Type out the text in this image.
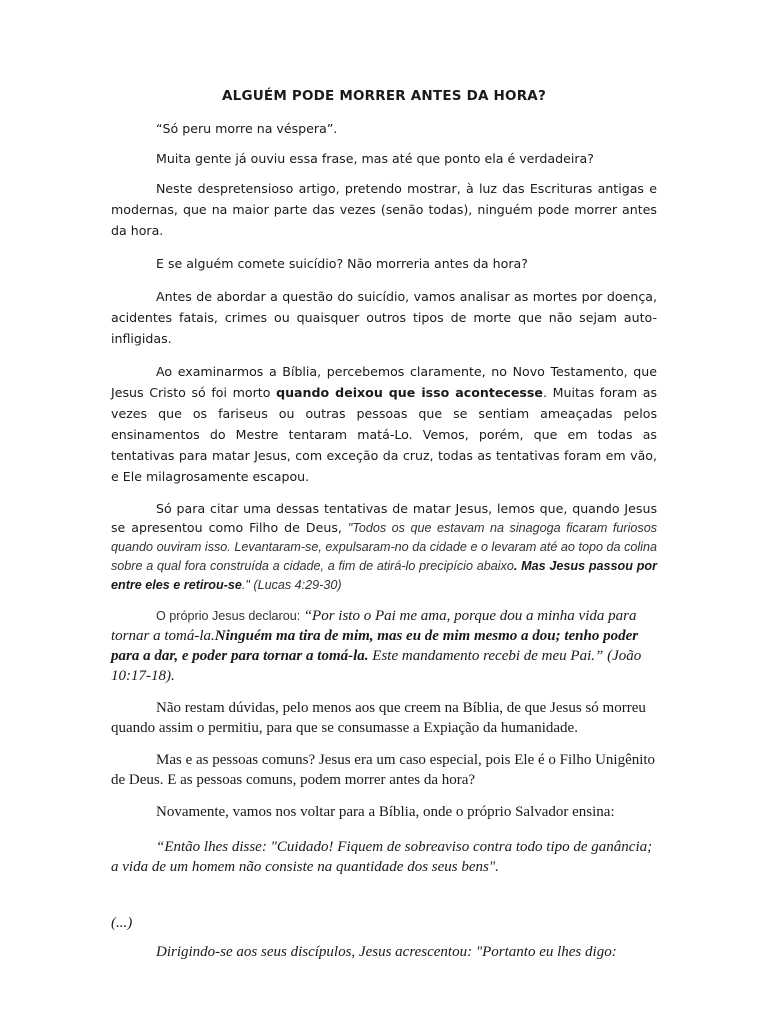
ALGUÉM PODE MORRER ANTES DA HORA?

“Só peru morre na véspera”.

Muita gente já ouviu essa frase, mas até que ponto ela é verdadeira?

Neste despretensioso artigo, pretendo mostrar, à luz das Escrituras antigas e modernas, que na maior parte das vezes (senão todas), ninguém pode morrer antes da hora.

E se alguém comete suicídio? Não morreria antes da hora?

Antes de abordar a questão do suicídio, vamos analisar as mortes por doença, acidentes fatais, crimes ou quaisquer outros tipos de morte que não sejam auto-infligidas.

Ao examinarmos a Bíblia, percebemos claramente, no Novo Testamento, que Jesus Cristo só foi morto quando deixou que isso acontecesse. Muitas foram as vezes que os fariseus ou outras pessoas que se sentiam ameaçadas pelos ensinamentos do Mestre tentaram matá-Lo. Vemos, porém, que em todas as tentativas para matar Jesus, com exceção da cruz, todas as tentativas foram em vão, e Ele milagrosamente escapou.

Só para citar uma dessas tentativas de matar Jesus, lemos que, quando Jesus se apresentou como Filho de Deus, "Todos os que estavam na sinagoga ficaram furiosos quando ouviram isso. Levantaram-se, expulsaram-no da cidade e o levaram até ao topo da colina sobre a qual fora construída a cidade, a fim de atirá-lo precipício abaixo. Mas Jesus passou por entre eles e retirou-se." (Lucas 4:29-30)

O próprio Jesus declarou: “Por isto o Pai me ama, porque dou a minha vida para tornar a tomá-la.Ninguém ma tira de mim, mas eu de mim mesmo a dou; tenho poder para a dar, e poder para tornar a tomá-la. Este mandamento recebi de meu Pai.” (João 10:17-18).

Não restam dúvidas, pelo menos aos que creem na Bíblia, de que Jesus só morreu quando assim o permitiu, para que se consumasse a Expiação da humanidade.

Mas e as pessoas comuns? Jesus era um caso especial, pois Ele é o Filho Unigênito de Deus. E as pessoas comuns, podem morrer antes da hora?

Novamente, vamos nos voltar para a Bíblia, onde o próprio Salvador ensina:

“Então lhes disse: "Cuidado! Fiquem de sobreaviso contra todo tipo de ganância; a vida de um homem não consiste na quantidade dos seus bens".

(...)

Dirigindo-se aos seus discípulos, Jesus acrescentou: "Portanto eu lhes digo:
